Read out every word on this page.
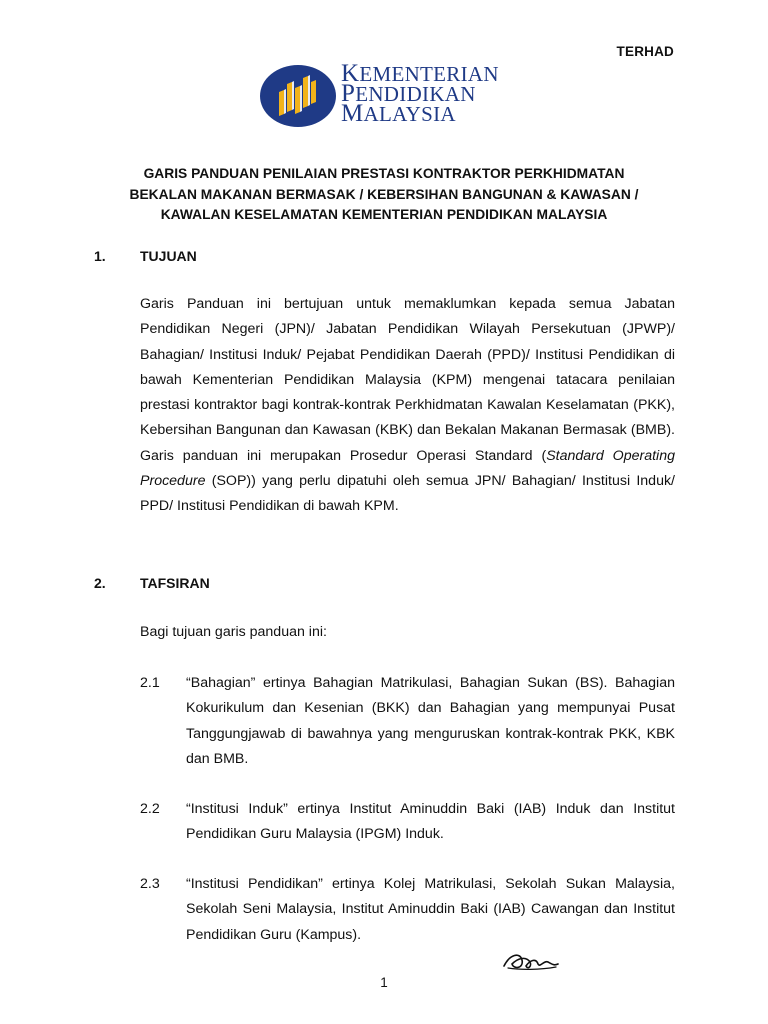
TERHAD
KEMENTERIAN
PENDIDIKAN
MALAYSIA
GARIS PANDUAN PENILAIAN PRESTASI KONTRAKTOR PERKHIDMATAN
BEKALAN MAKANAN BERMASAK / KEBERSIHAN BANGUNAN & KAWASAN /
KAWALAN KESELAMATAN KEMENTERIAN PENDIDIKAN MALAYSIA
1. TUJUAN
Garis Panduan ini bertujuan untuk memaklumkan kepada semua Jabatan Pendidikan Negeri (JPN)/ Jabatan Pendidikan Wilayah Persekutuan (JPWP)/ Bahagian/ Institusi Induk/ Pejabat Pendidikan Daerah (PPD)/ Institusi Pendidikan di bawah Kementerian Pendidikan Malaysia (KPM) mengenai tatacara penilaian prestasi kontraktor bagi kontrak-kontrak Perkhidmatan Kawalan Keselamatan (PKK), Kebersihan Bangunan dan Kawasan (KBK) dan Bekalan Makanan Bermasak (BMB). Garis panduan ini merupakan Prosedur Operasi Standard (Standard Operating Procedure (SOP)) yang perlu dipatuhi oleh semua JPN/ Bahagian/ Institusi Induk/ PPD/ Institusi Pendidikan di bawah KPM.
2. TAFSIRAN
Bagi tujuan garis panduan ini:
2.1 “Bahagian” ertinya Bahagian Matrikulasi, Bahagian Sukan (BS). Bahagian Kokurikulum dan Kesenian (BKK) dan Bahagian yang mempunyai Pusat Tanggungjawab di bawahnya yang menguruskan kontrak-kontrak PKK, KBK dan BMB.
2.2 “Institusi Induk” ertinya Institut Aminuddin Baki (IAB) Induk dan Institut Pendidikan Guru Malaysia (IPGM) Induk.
2.3 “Institusi Pendidikan” ertinya Kolej Matrikulasi, Sekolah Sukan Malaysia, Sekolah Seni Malaysia, Institut Aminuddin Baki (IAB) Cawangan dan Institut Pendidikan Guru (Kampus).
1
